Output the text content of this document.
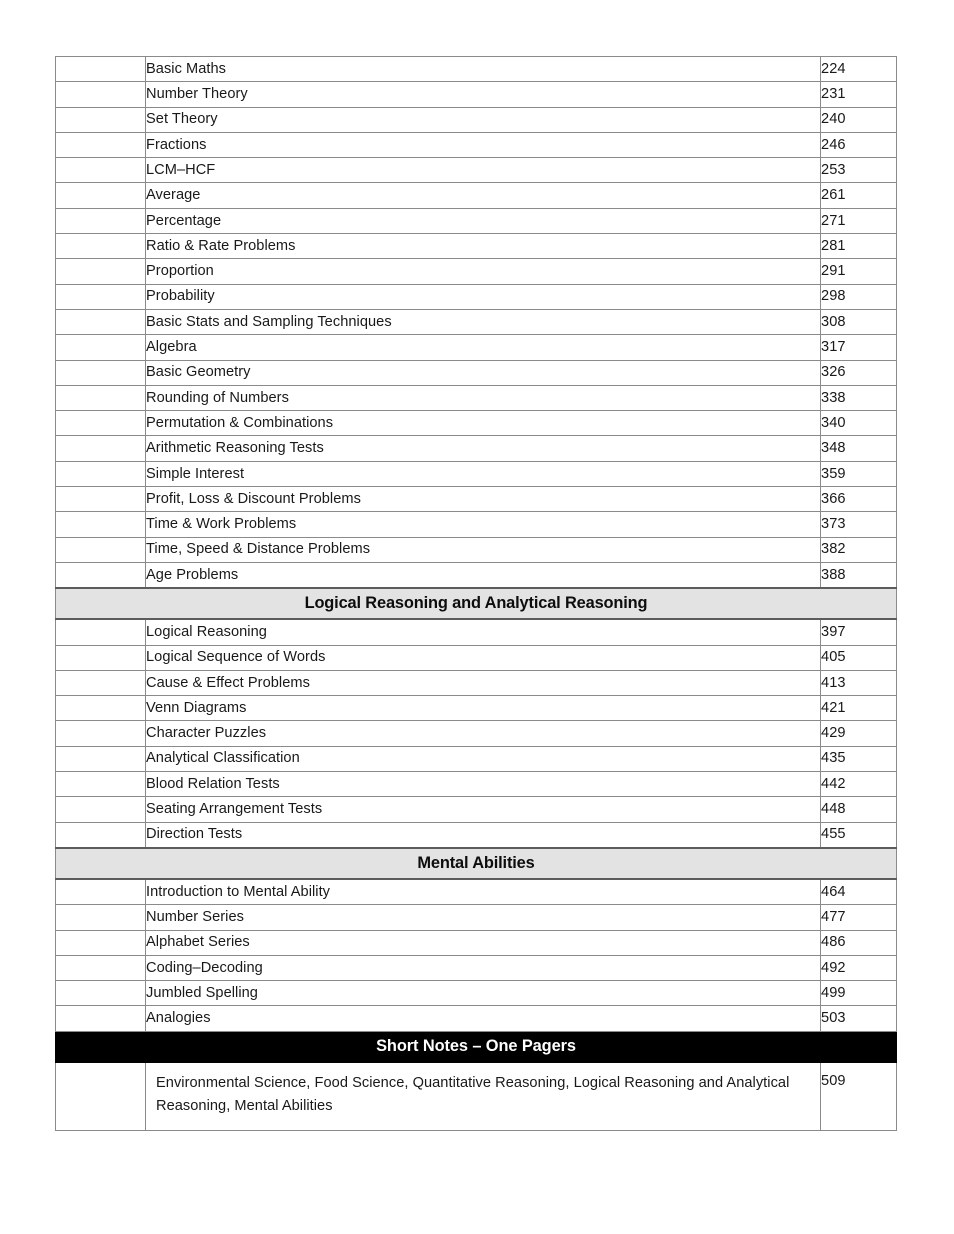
	Basic Maths	224
	Number Theory	231
	Set Theory	240
	Fractions	246
	LCM–HCF	253
	Average	261
	Percentage	271
	Ratio & Rate Problems	281
	Proportion	291
	Probability	298
	Basic Stats and Sampling Techniques	308
	Algebra	317
	Basic Geometry	326
	Rounding of Numbers	338
	Permutation & Combinations	340
	Arithmetic Reasoning Tests	348
	Simple Interest	359
	Profit, Loss & Discount Problems	366
	Time & Work Problems	373
	Time, Speed & Distance Problems	382
	Age Problems	388
Logical Reasoning and Analytical Reasoning		
	Logical Reasoning	397
	Logical Sequence of Words	405
	Cause & Effect Problems	413
	Venn Diagrams	421
	Character Puzzles	429
	Analytical Classification	435
	Blood Relation Tests	442
	Seating Arrangement Tests	448
	Direction Tests	455
Mental Abilities		
	Introduction to Mental Ability	464
	Number Series	477
	Alphabet Series	486
	Coding–Decoding	492
	Jumbled Spelling	499
	Analogies	503
Short Notes – One Pagers		
	Environmental Science, Food Science, Quantitative Reasoning, Logical Reasoning and Analytical Reasoning, Mental Abilities	509
